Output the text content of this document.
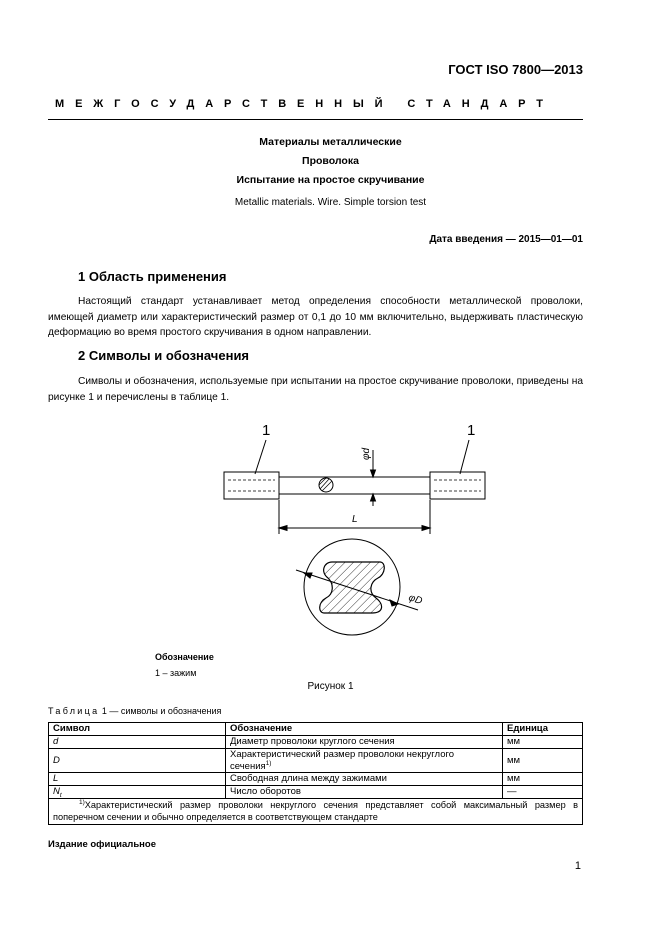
ГОСТ ISO 7800—2013
МЕЖГОСУДАРСТВЕННЫЙ СТАНДАРТ
Материалы металлические
Проволока
Испытание на простое скручивание
Metallic materials. Wire. Simple torsion test
Дата введения — 2015—01—01
1 Область применения
Настоящий стандарт устанавливает метод определения способности металлической проволоки, имеющей диаметр или характеристический размер от 0,1 до 10 мм включительно, выдерживать пластическую деформацию во время простого скручивания в одном направлении.
2 Символы и обозначения
Символы и обозначения, используемые при испытании на простое скручивание проволоки, приведены на рисунке 1 и перечислены в таблице 1.
1	1
φd
L
φD
Обозначение
1 – зажим
Рисунок 1
Таблица 1 — символы и обозначения
Символ	Обозначение	Единица
d	Диаметр проволоки круглого сечения	мм
D	Характеристический размер проволоки некруглого сечения$^{1)}$	мм
L	Свободная длина между зажимами	мм
$N_t$	Число оборотов	—
$^{1)}$Характеристический размер проволоки некруглого сечения представляет собой максимальный размер в поперечном сечении и обычно определяется в соответствующем стандарте		
Издание официальное
1
